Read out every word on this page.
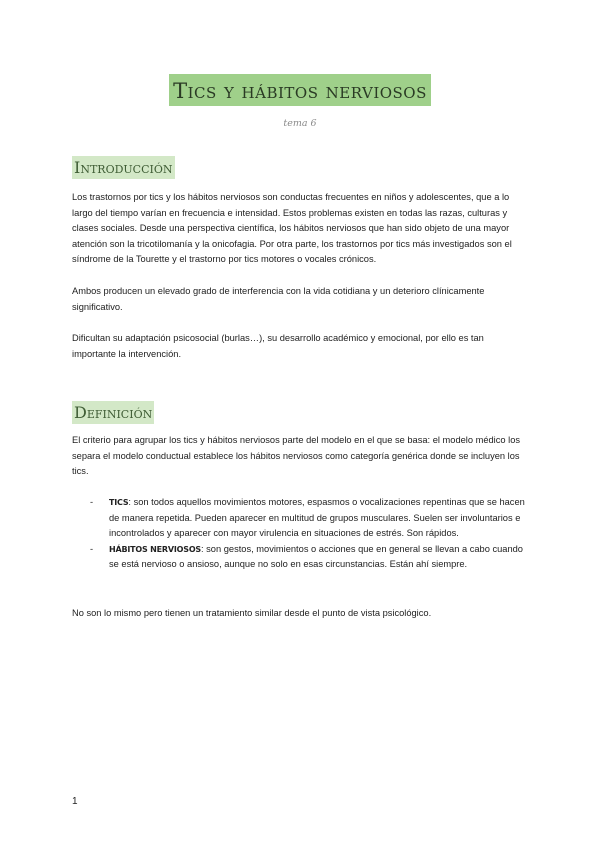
Tics y hábitos nerviosos
tema 6
Introducción

Los trastornos por tics y los hábitos nerviosos son conductas frecuentes en niños y adolescentes, que a lo largo del tiempo varían en frecuencia e intensidad. Estos problemas existen en todas las razas, culturas y clases sociales. Desde una perspectiva científica, los hábitos nerviosos que han sido objeto de una mayor atención son la tricotilomanía y la onicofagia. Por otra parte, los trastornos por tics más investigados son el síndrome de la Tourette y el trastorno por tics motores o vocales crónicos.

Ambos producen un elevado grado de interferencia con la vida cotidiana y un deterioro clínicamente significativo.

Dificultan su adaptación psicosocial (burlas…), su desarrollo académico y emocional, por ello es tan importante la intervención.

Definición

El criterio para agrupar los tics y hábitos nerviosos parte del modelo en el que se basa: el modelo médico los separa el modelo conductual establece los hábitos nerviosos como categoría genérica donde se incluyen los tics.

- TICS: son todos aquellos movimientos motores, espasmos o vocalizaciones repentinas que se hacen de manera repetida. Pueden aparecer en multitud de grupos musculares. Suelen ser involuntarios e incontrolados y aparecer con mayor virulencia en situaciones de estrés. Son rápidos.
- HÁBITOS NERVIOSOS: son gestos, movimientos o acciones que en general se llevan a cabo cuando se está nervioso o ansioso, aunque no solo en esas circunstancias. Están ahí siempre.

No son lo mismo pero tienen un tratamiento similar desde el punto de vista psicológico.

1
